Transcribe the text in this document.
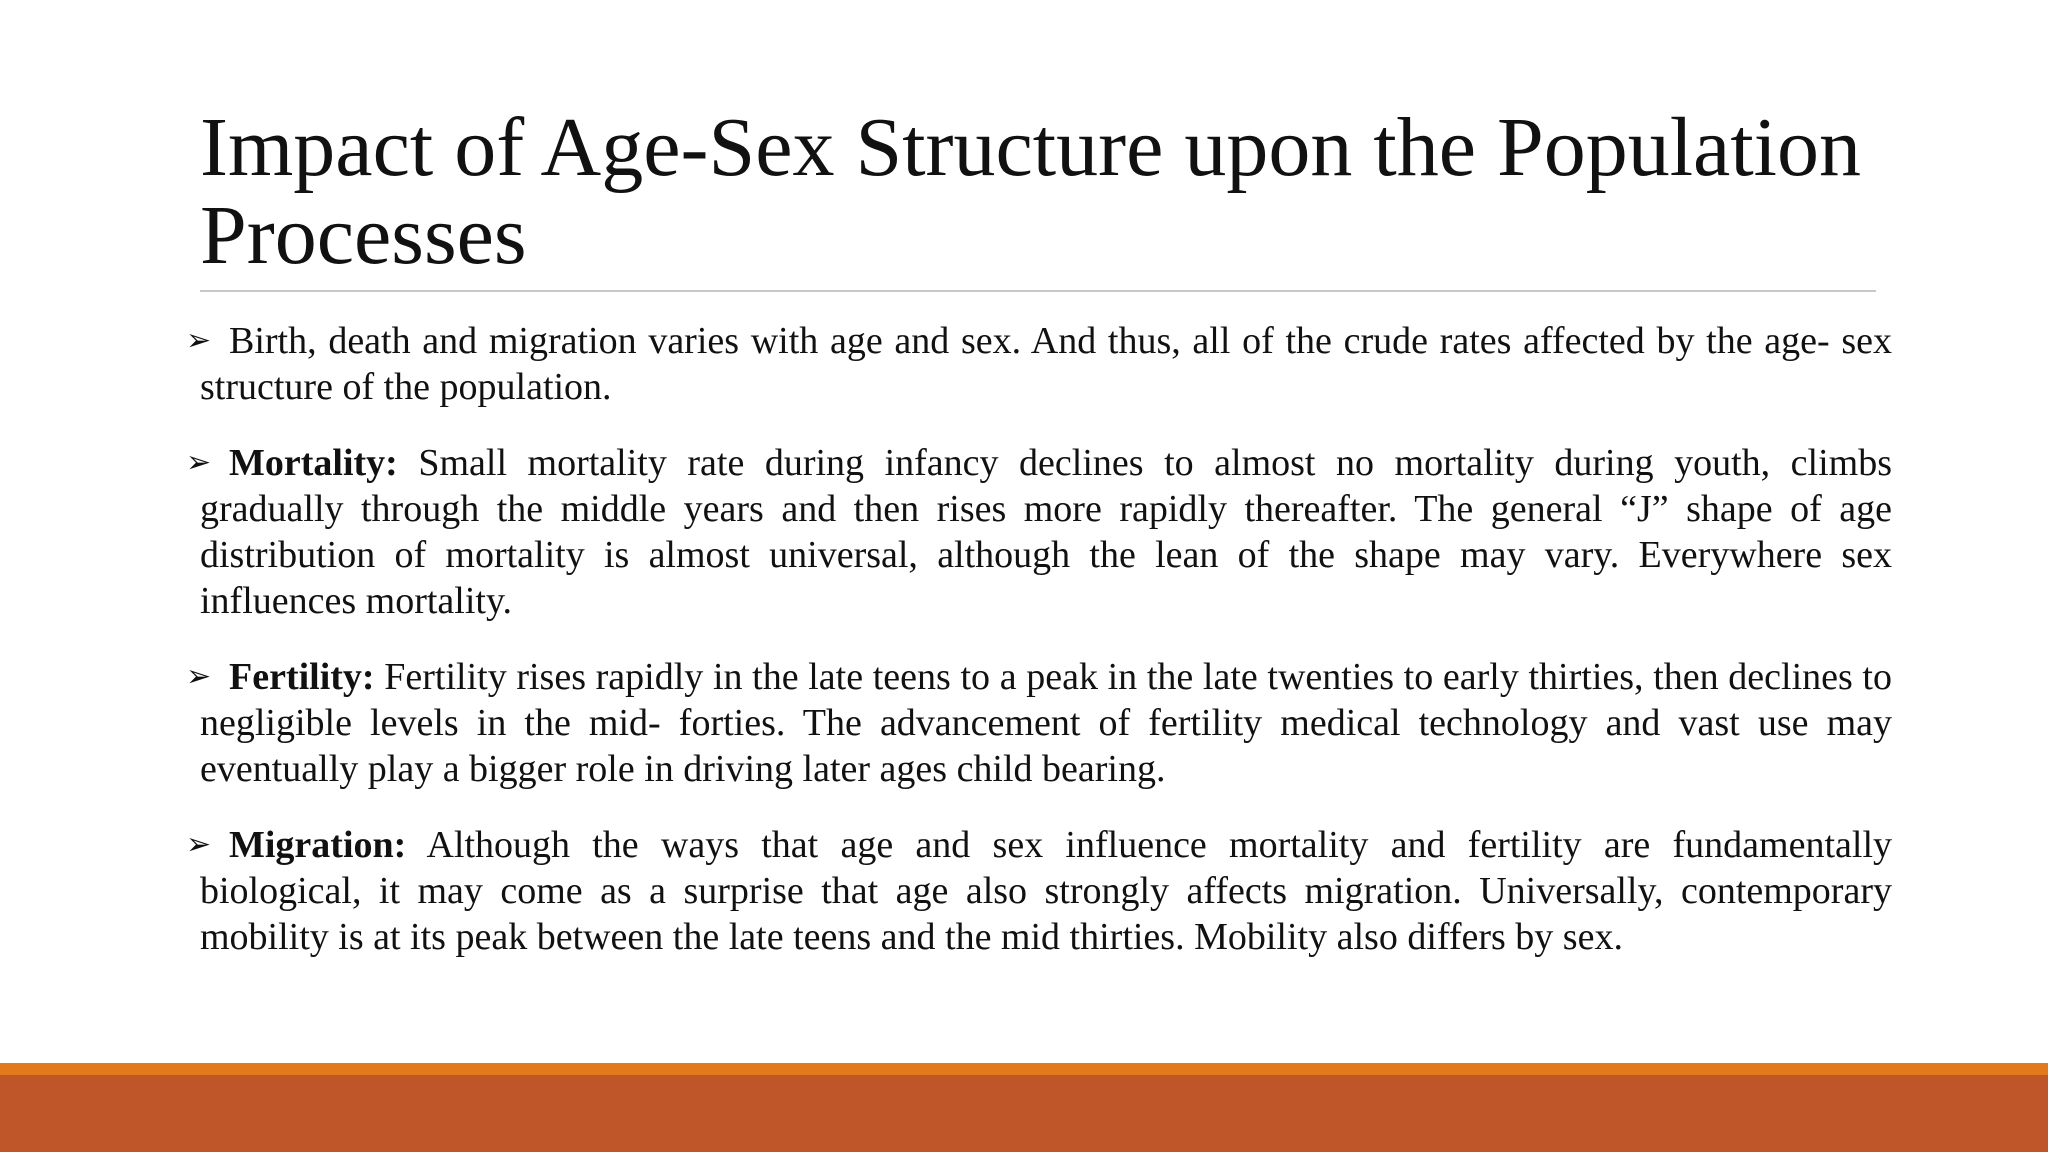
Impact of Age-Sex Structure upon the Population Processes
➢ Birth, death and migration varies with age and sex. And thus, all of the crude rates affected by the age- sex structure of the population.
➢ Mortality: Small mortality rate during infancy declines to almost no mortality during youth, climbs gradually through the middle years and then rises more rapidly thereafter. The general “J” shape of age distribution of mortality is almost universal, although the lean of the shape may vary. Everywhere sex influences mortality.
➢ Fertility: Fertility rises rapidly in the late teens to a peak in the late twenties to early thirties, then declines to negligible levels in the mid- forties. The advancement of fertility medical technology and vast use may eventually play a bigger role in driving later ages child bearing.
➢ Migration: Although the ways that age and sex influence mortality and fertility are fundamentally biological, it may come as a surprise that age also strongly affects migration. Universally, contemporary mobility is at its peak between the late teens and the mid thirties. Mobility also differs by sex.
